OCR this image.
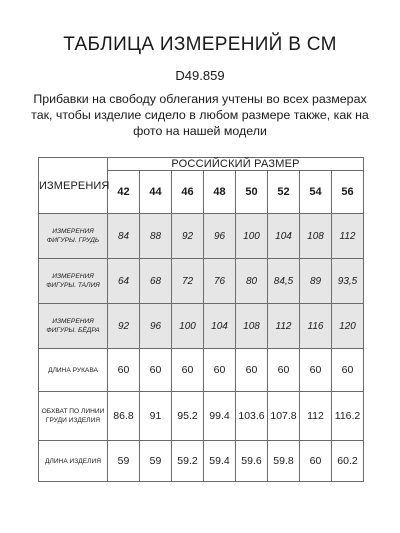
ТАБЛИЦА ИЗМЕРЕНИЙ В СМ
D49.859
Прибавки на свободу облегания учтены во всех размерах так, чтобы изделие сидело в любом размере также, как на фото на нашей модели
ИЗМЕРЕНИЯ	РОССИЙСКИЙ РАЗМЕР							
	42	44	46	48	50	52	54	56
ИЗМЕРЕНИЯ ФИГУРЫ. ГРУДЬ	84	88	92	96	100	104	108	112
ИЗМЕРЕНИЯ ФИГУРЫ. ТАЛИЯ	64	68	72	76	80	84,5	89	93,5
ИЗМЕРЕНИЯ ФИГУРЫ. БЁДРА	92	96	100	104	108	112	116	120
ДЛИНА РУКАВА	60	60	60	60	60	60	60	60
ОБХВАТ ПО ЛИНИИ ГРУДИ ИЗДЕЛИЯ	86.8	91	95.2	99.4	103.6	107.8	112	116.2
ДЛИНА ИЗДЕЛИЯ	59	59	59.2	59.4	59.6	59.8	60	60.2
